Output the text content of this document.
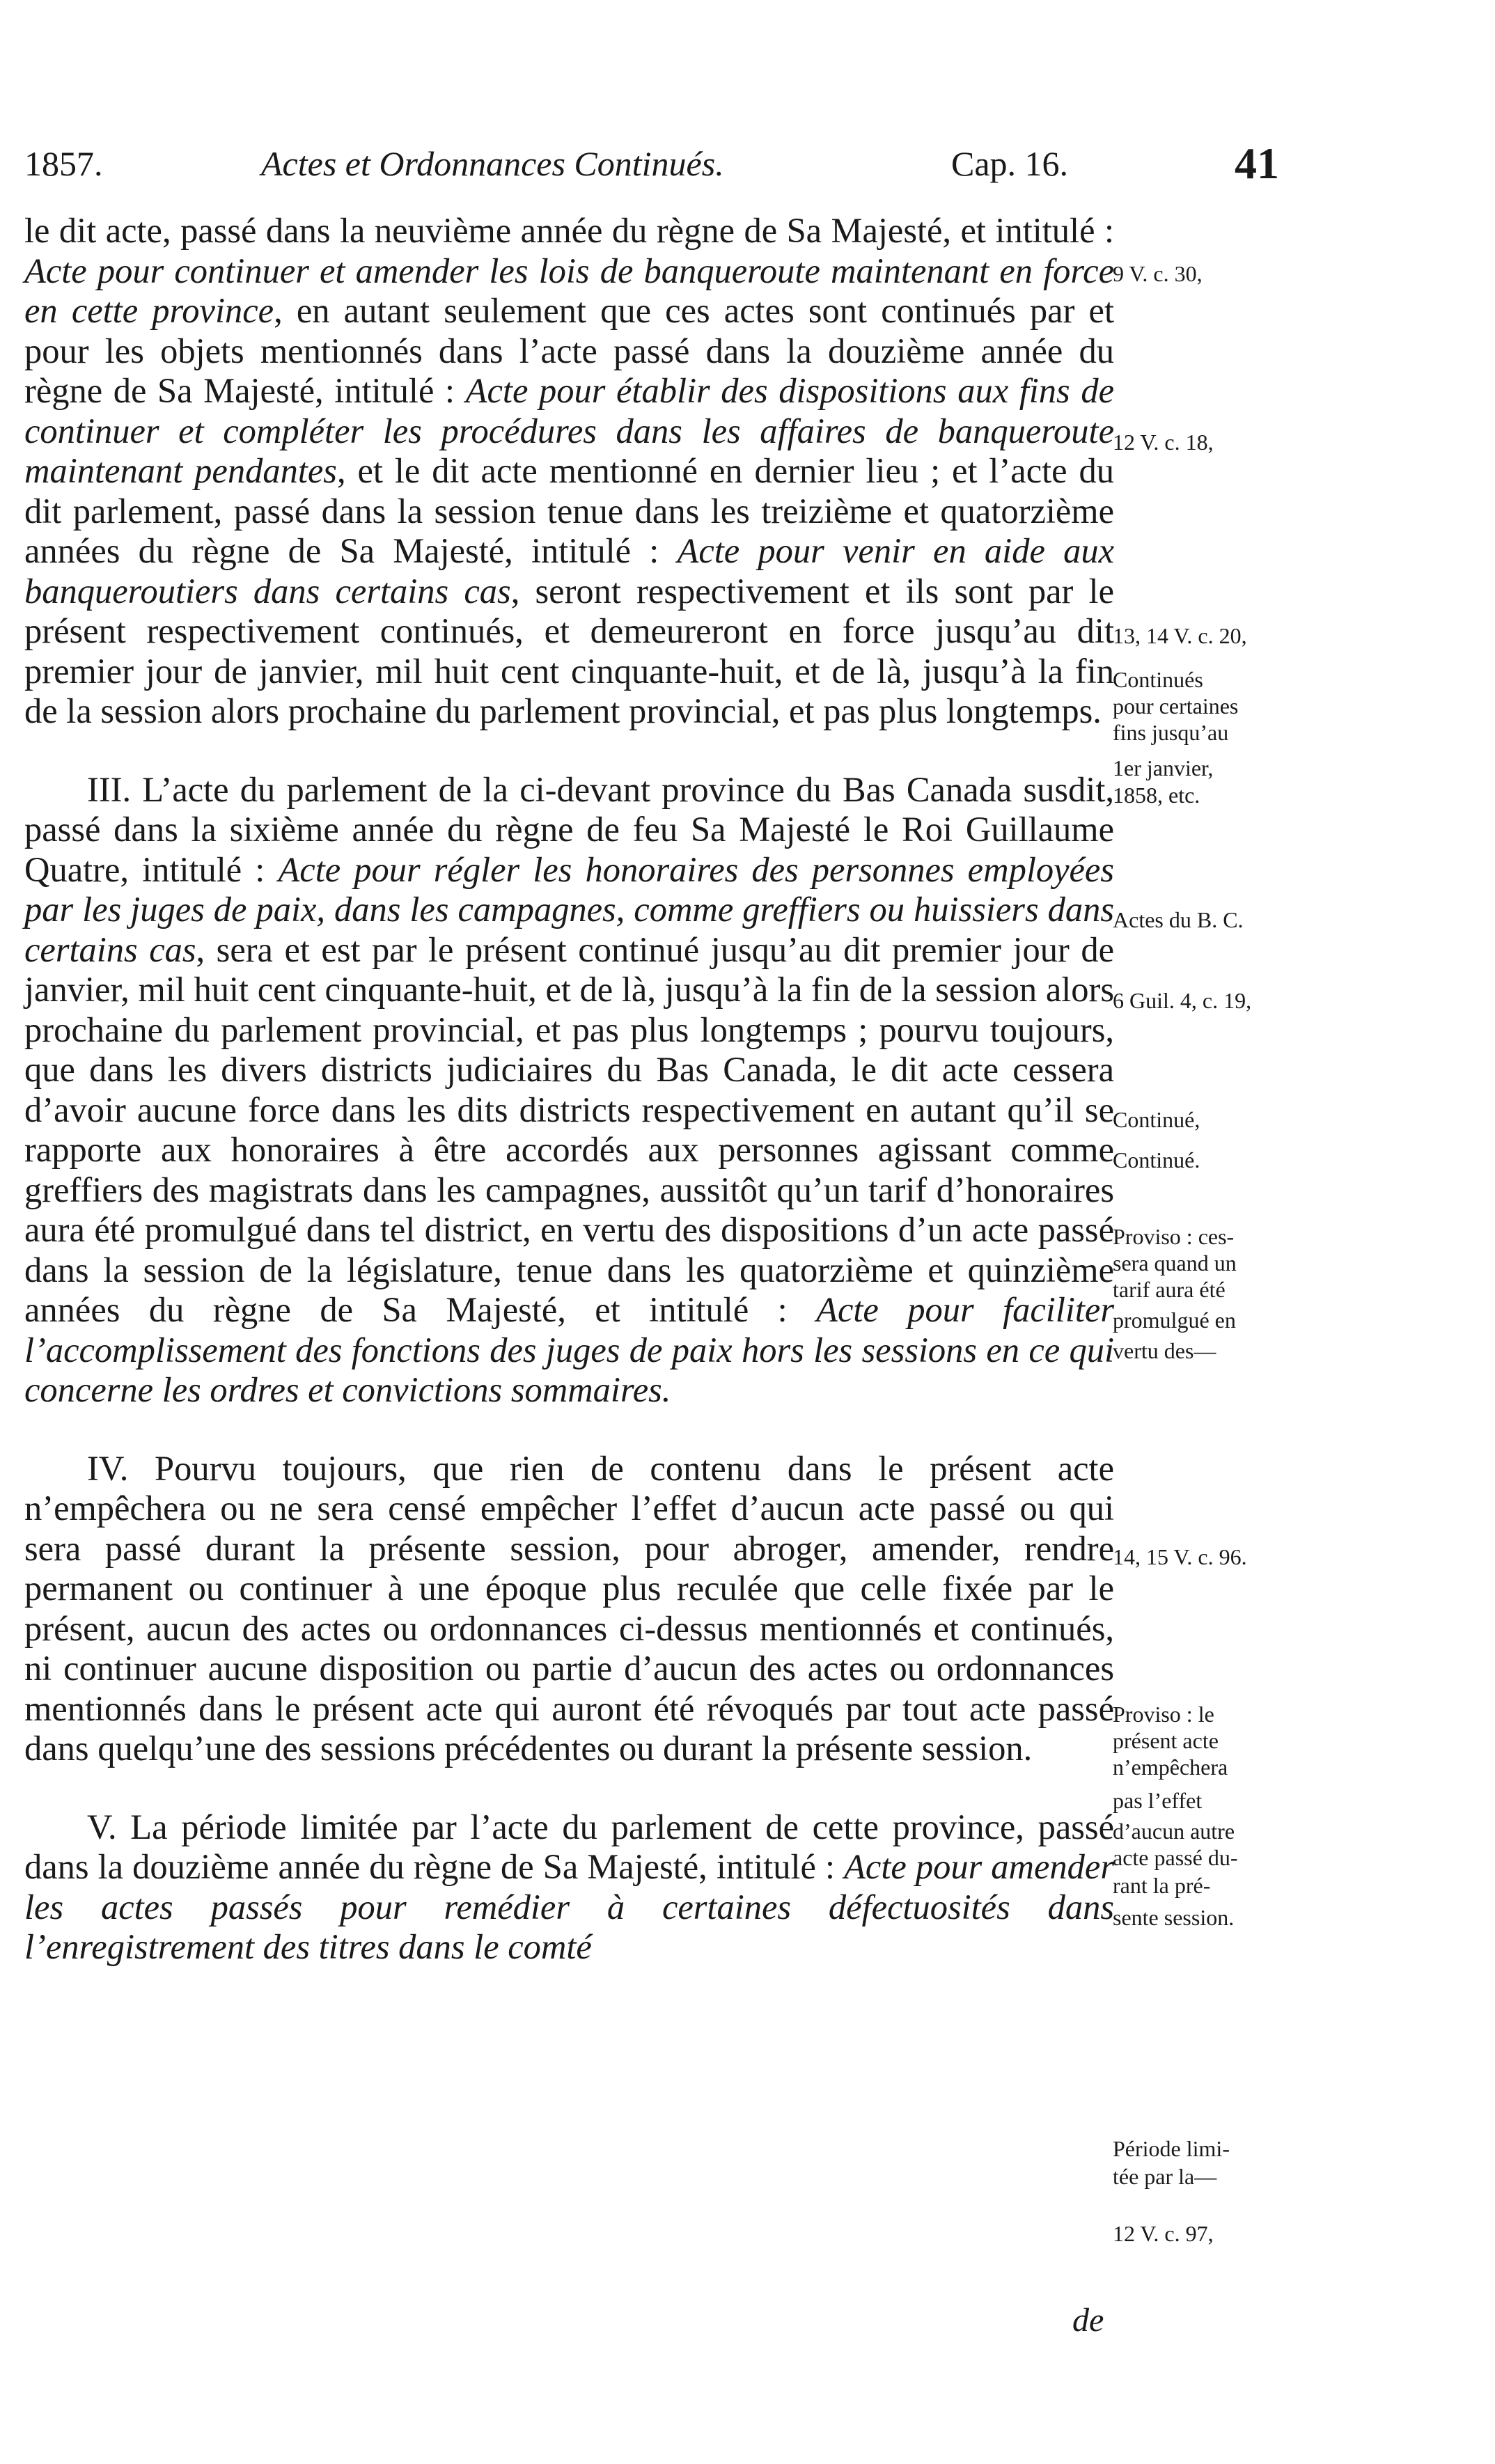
1857.	Actes et Ordonnances Continués.	Cap. 16.	41
le dit acte, passé dans la neuvième année du règne de Sa Majesté, et intitulé : Acte pour continuer et amender les lois de banqueroute maintenant en force en cette province, en autant seulement que ces actes sont continués par et pour les objets mentionnés dans l’acte passé dans la douzième année du règne de Sa Majesté, intitulé : Acte pour établir des dispositions aux fins de continuer et compléter les procédures dans les affaires de banqueroute maintenant pendantes, et le dit acte mentionné en dernier lieu ; et l’acte du dit parlement, passé dans la session tenue dans les treizième et quatorzième années du règne de Sa Majesté, intitulé : Acte pour venir en aide aux banqueroutiers dans certains cas, seront respectivement et ils sont par le présent respectivement continués, et demeureront en force jusqu’au dit premier jour de janvier, mil huit cent cinquante-huit, et de là, jusqu’à la fin de la session alors prochaine du parlement provincial, et pas plus longtemps.
III. L’acte du parlement de la ci-devant province du Bas Canada susdit, passé dans la sixième année du règne de feu Sa Majesté le Roi Guillaume Quatre, intitulé : Acte pour régler les honoraires des personnes employées par les juges de paix, dans les campagnes, comme greffiers ou huissiers dans certains cas, sera et est par le présent continué jusqu’au dit premier jour de janvier, mil huit cent cinquante-huit, et de là, jusqu’à la fin de la session alors prochaine du parlement provincial, et pas plus longtemps ; pourvu toujours, que dans les divers districts judiciaires du Bas Canada, le dit acte cessera d’avoir aucune force dans les dits districts respectivement en autant qu’il se rapporte aux honoraires à être accordés aux personnes agissant comme greffiers des magistrats dans les campagnes, aussitôt qu’un tarif d’honoraires aura été promulgué dans tel district, en vertu des dispositions d’un acte passé dans la session de la législature, tenue dans les quatorzième et quinzième années du règne de Sa Majesté, et intitulé : Acte pour faciliter l’accomplissement des fonctions des juges de paix hors les sessions en ce qui concerne les ordres et convictions sommaires.
IV. Pourvu toujours, que rien de contenu dans le présent acte n’empêchera ou ne sera censé empêcher l’effet d’aucun acte passé ou qui sera passé durant la présente session, pour abroger, amender, rendre permanent ou continuer à une époque plus reculée que celle fixée par le présent, aucun des actes ou ordonnances ci-dessus mentionnés et continués, ni continuer aucune disposition ou partie d’aucun des actes ou ordonnances mentionnés dans le présent acte qui auront été révoqués par tout acte passé dans quelqu’une des sessions précédentes ou durant la présente session.
V. La période limitée par l’acte du parlement de cette province, passé dans la douzième année du règne de Sa Majesté, intitulé : Acte pour amender les actes passés pour remédier à certaines défectuosités dans l’enregistrement des titres dans le comté
de
9 V. c. 30,
12 V. c. 18,
13, 14 V. c. 20,
Continués
pour certaines
fins jusqu’au
1er janvier,
1858, etc.
Actes du B. C.
6 Guil. 4, c. 19,
Continué,
Continué.
Proviso : ces-
sera quand un
tarif aura été
promulgué en
vertu des—
14, 15 V. c. 96.
Proviso : le
présent acte
n’empêchera
pas l’effet
d’aucun autre
acte passé du-
rant la pré-
sente session.
Période limi-
tée par la—
12 V. c. 97,
